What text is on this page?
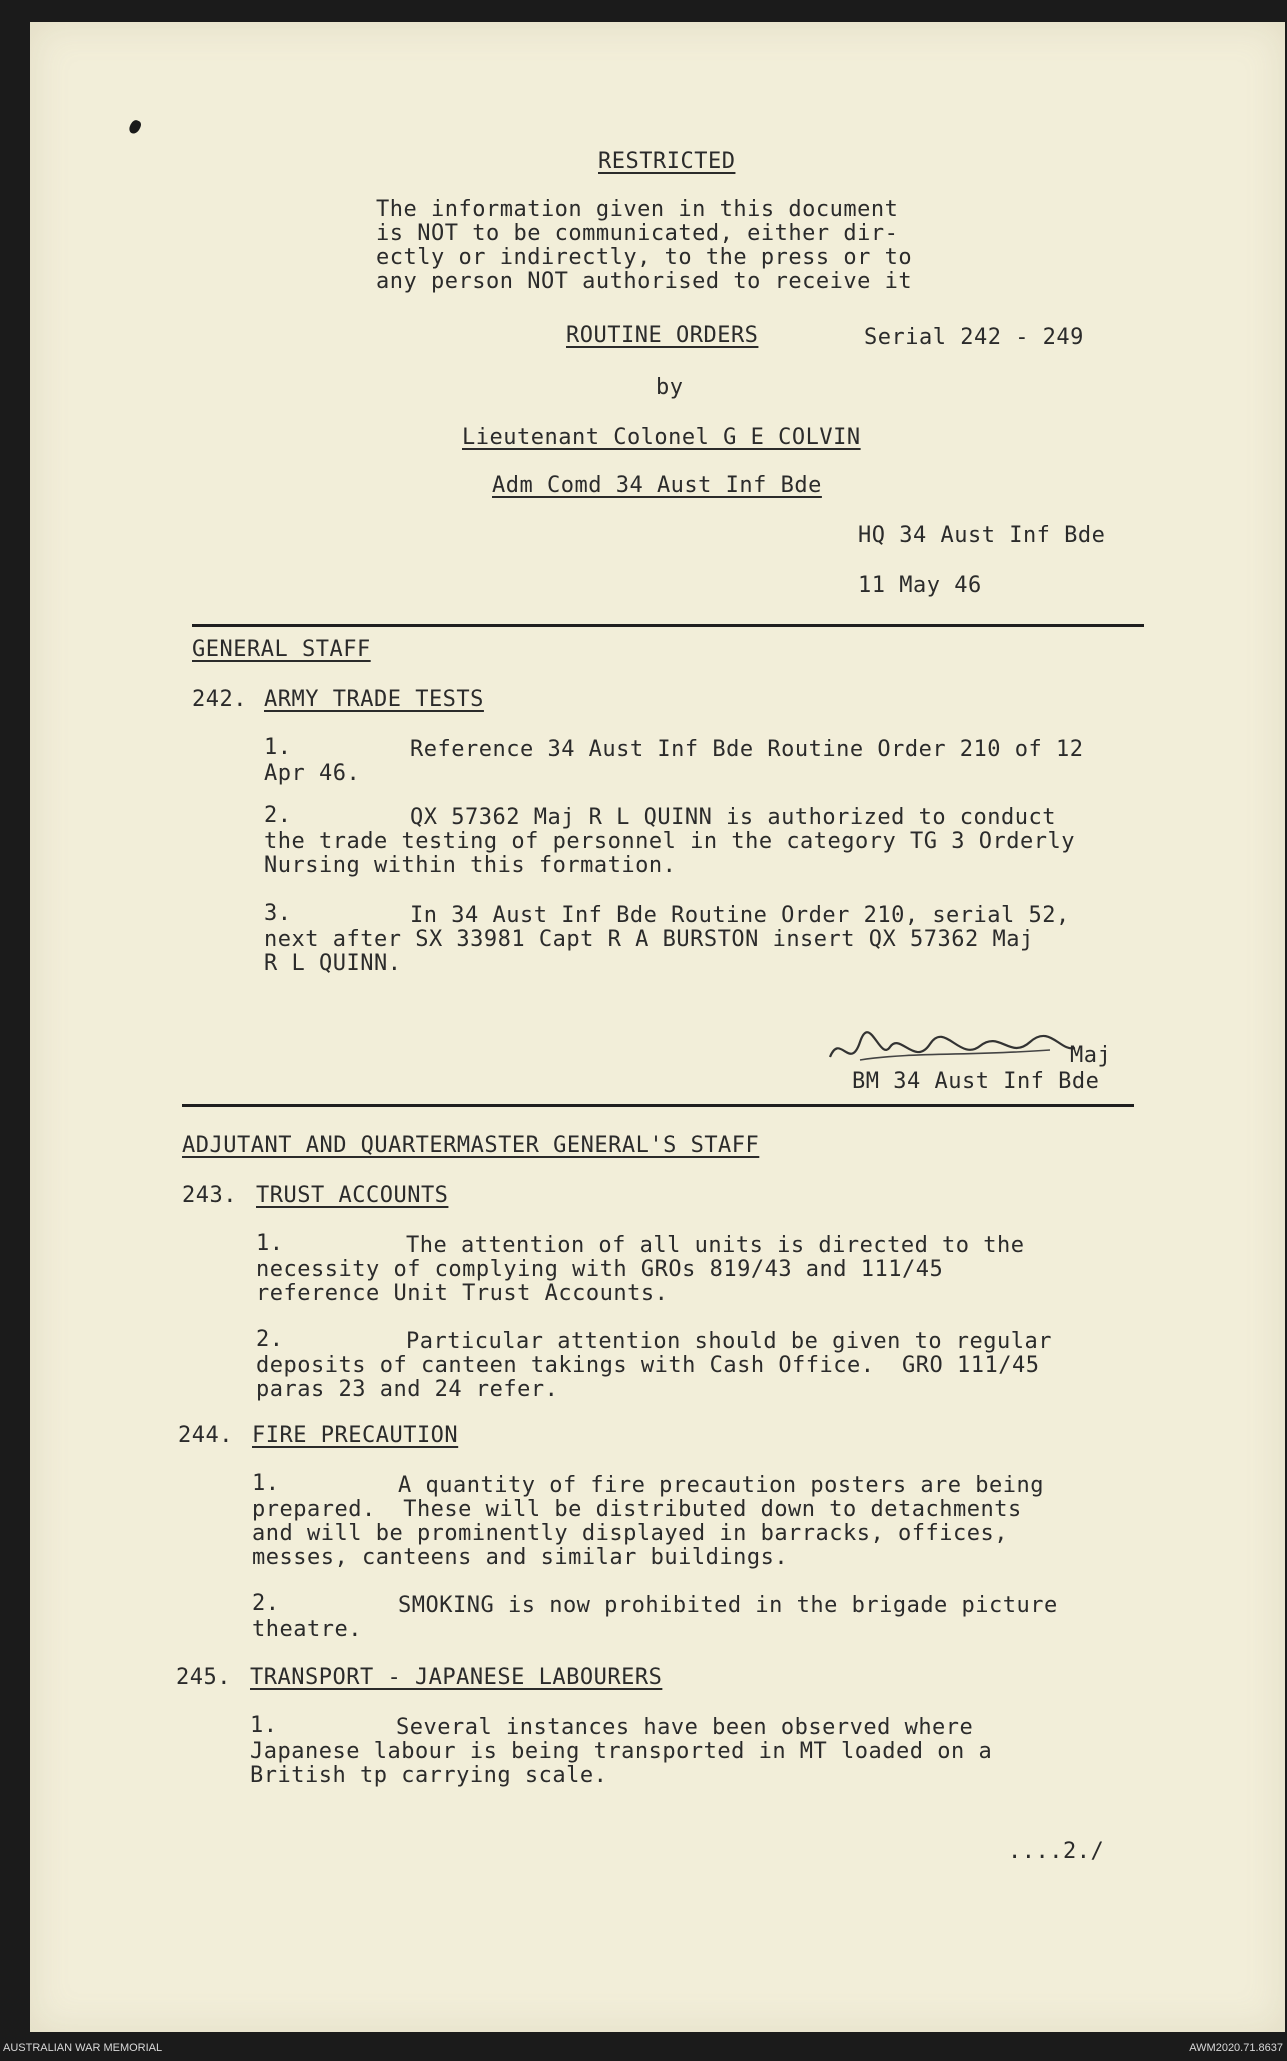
RESTRICTED
The information given in this document
is NOT to be communicated, either dir-
ectly or indirectly, to the press or to
any person NOT authorised to receive it
ROUTINE ORDERS	Serial 242 - 249
by
Lieutenant Colonel G E COLVIN
Adm Comd 34 Aust Inf Bde
HQ 34 Aust Inf Bde
11 May 46
GENERAL STAFF
242. ARMY TRADE TESTS
1.	Reference 34 Aust Inf Bde Routine Order 210 of 12
Apr 46.
2.	QX 57362 Maj R L QUINN is authorized to conduct
the trade testing of personnel in the category TG 3 Orderly
Nursing within this formation.
3.	In 34 Aust Inf Bde Routine Order 210, serial 52,
next after SX 33981 Capt R A BURSTON insert QX 57362 Maj
R L QUINN.
Maj
BM 34 Aust Inf Bde
ADJUTANT AND QUARTERMASTER GENERAL'S STAFF
243. TRUST ACCOUNTS
1.	The attention of all units is directed to the
necessity of complying with GROs 819/43 and 111/45
reference Unit Trust Accounts.
2.	Particular attention should be given to regular
deposits of canteen takings with Cash Office.  GRO 111/45
paras 23 and 24 refer.
244. FIRE PRECAUTION
1.	A quantity of fire precaution posters are being
prepared.  These will be distributed down to detachments
and will be prominently displayed in barracks, offices,
messes, canteens and similar buildings.
2.	SMOKING is now prohibited in the brigade picture
theatre.
245. TRANSPORT - JAPANESE LABOURERS
1.	Several instances have been observed where
Japanese labour is being transported in MT loaded on a
British tp carrying scale.
....2./
AUSTRALIAN WAR MEMORIAL	AWM2020.71.8637
